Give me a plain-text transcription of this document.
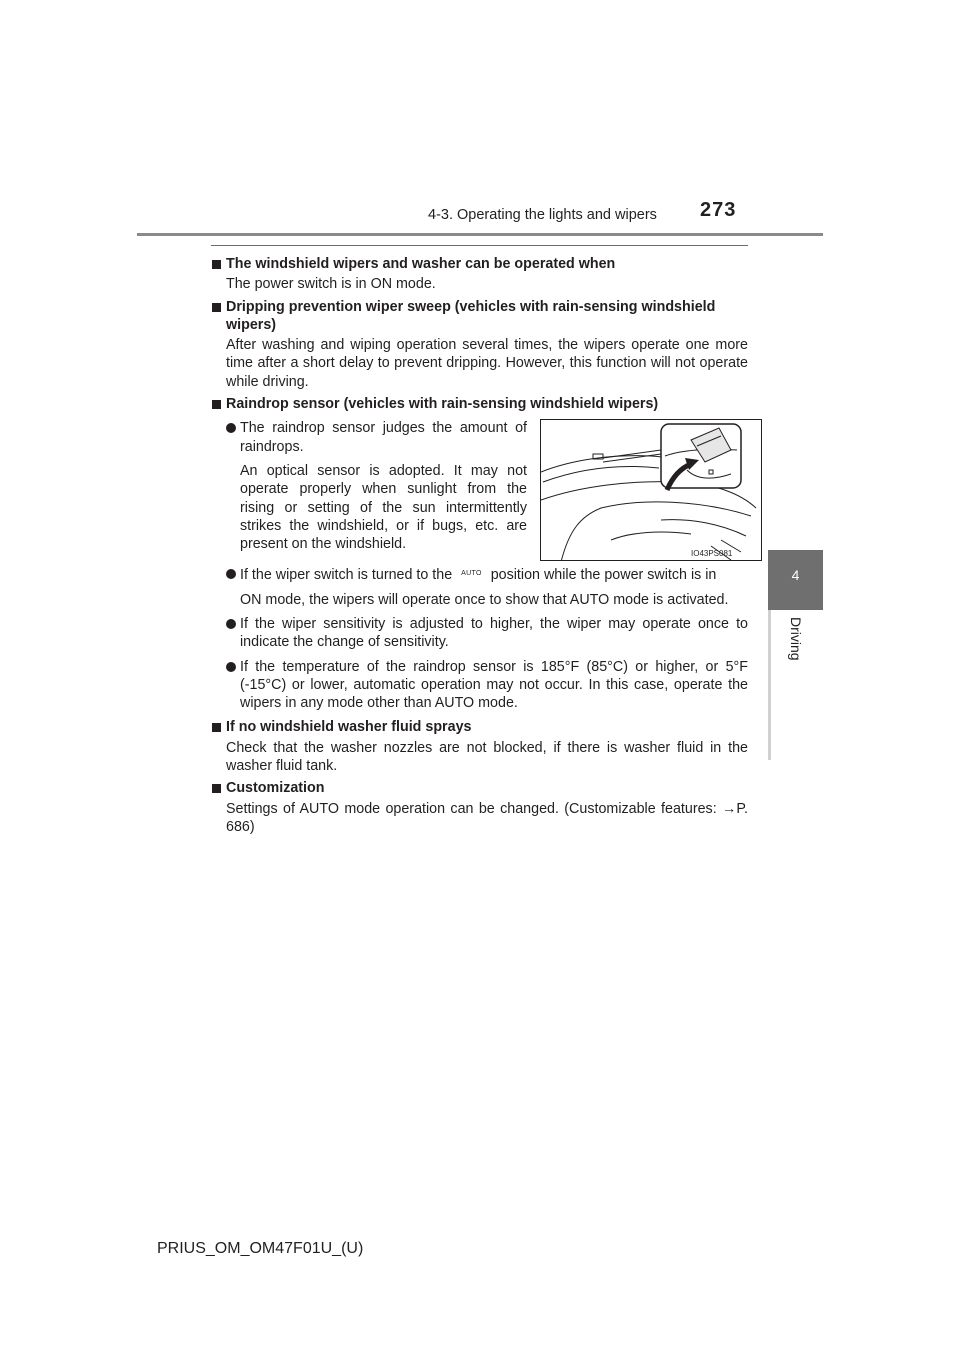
4-3. Operating the lights and wipers 273
4
Driving
The windshield wipers and washer can be operated when

The power switch is in ON mode.

Dripping prevention wiper sweep (vehicles with rain-sensing windshield wipers)

After washing and wiping operation several times, the wipers operate one more time after a short delay to prevent dripping. However, this function will not operate while driving.

Raindrop sensor (vehicles with rain-sensing windshield wipers)

The raindrop sensor judges the amount of raindrops.

An optical sensor is adopted. It may not operate properly when sunlight from the rising or setting of the sun intermittently strikes the windshield, or if bugs, etc. are present on the windshield.

IO43PS081

If the wiper switch is turned to the AUTO position while the power switch is in

ON mode, the wipers will operate once to show that AUTO mode is activated.

If the wiper sensitivity is adjusted to higher, the wiper may operate once to indicate the change of sensitivity.

If the temperature of the raindrop sensor is 185°F (85°C) or higher, or 5°F (-15°C) or lower, automatic operation may not occur. In this case, operate the wipers in any mode other than AUTO mode.

If no windshield washer fluid sprays

Check that the washer nozzles are not blocked, if there is washer fluid in the washer fluid tank.

Customization

Settings of AUTO mode operation can be changed. (Customizable features: →P. 686)

PRIUS_OM_OM47F01U_(U)
